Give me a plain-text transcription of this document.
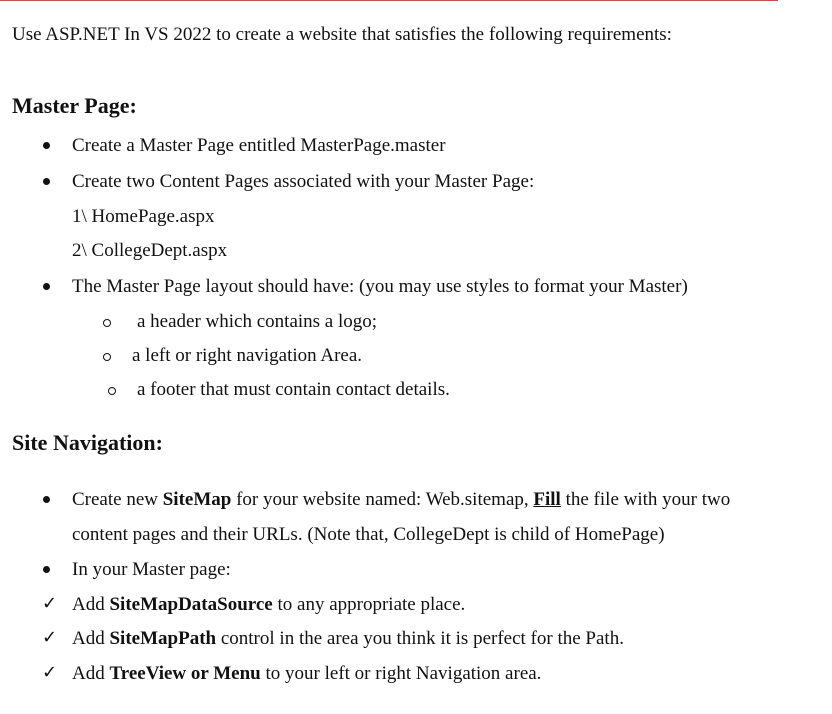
Use ASP.NET In VS 2022 to create a website that satisfies the following requirements:
Master Page:
Create a Master Page entitled MasterPage.master
Create two Content Pages associated with your Master Page:
1\ HomePage.aspx
2\ CollegeDept.aspx
The Master Page layout should have: (you may use styles to format your Master)
a header which contains a logo;
a left or right navigation Area.
a footer that must contain contact details.
Site Navigation:
Create new SiteMap for your website named: Web.sitemap, Fill the file with your two
content pages and their URLs. (Note that, CollegeDept is child of HomePage)
In your Master page:
✓ Add SiteMapDataSource to any appropriate place.
✓ Add SiteMapPath control in the area you think it is perfect for the Path.
✓ Add TreeView or Menu to your left or right Navigation area.
